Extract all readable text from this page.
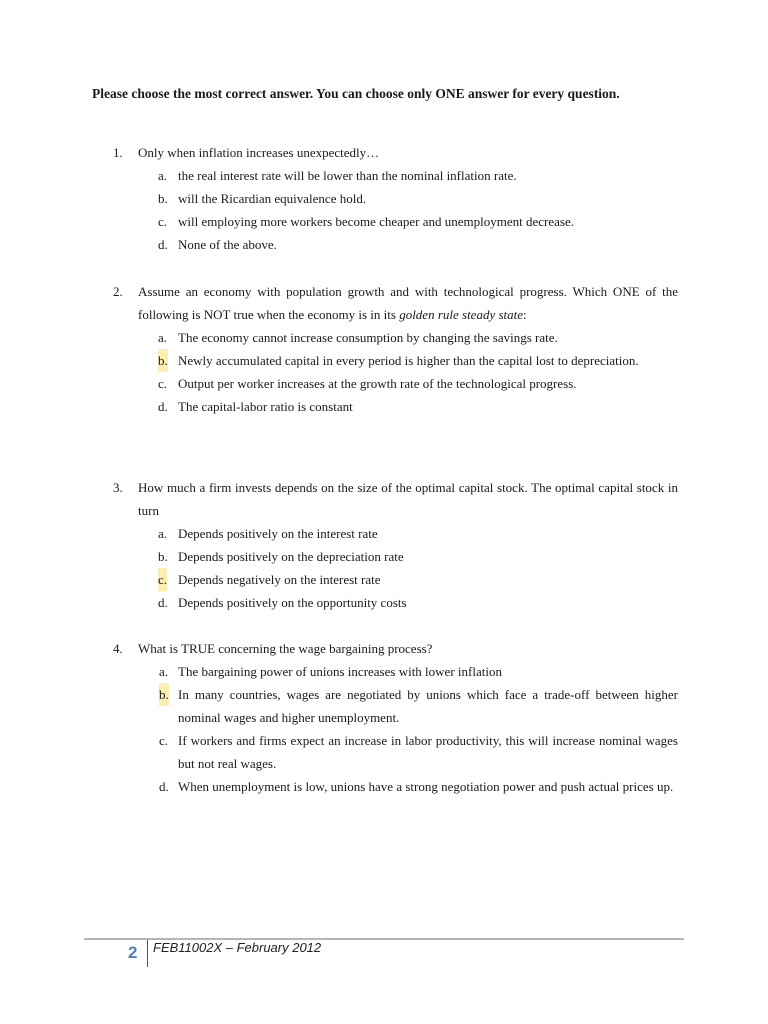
Please choose the most correct answer. You can choose only ONE answer for every question.
1. Only when inflation increases unexpectedly…
a. the real interest rate will be lower than the nominal inflation rate.
b. will the Ricardian equivalence hold.
c. will employing more workers become cheaper and unemployment decrease.
d. None of the above.
2. Assume an economy with population growth and with technological progress. Which ONE of the following is NOT true when the economy is in its golden rule steady state:
a. The economy cannot increase consumption by changing the savings rate.
b. Newly accumulated capital in every period is higher than the capital lost to depreciation.
c. Output per worker increases at the growth rate of the technological progress.
d. The capital-labor ratio is constant
3. How much a firm invests depends on the size of the optimal capital stock. The optimal capital stock in turn
a. Depends positively on the interest rate
b. Depends positively on the depreciation rate
c. Depends negatively on the interest rate
d. Depends positively on the opportunity costs
4. What is TRUE concerning the wage bargaining process?
a. The bargaining power of unions increases with lower inflation
b. In many countries, wages are negotiated by unions which face a trade-off between higher nominal wages and higher unemployment.
c. If workers and firms expect an increase in labor productivity, this will increase nominal wages but not real wages.
d. When unemployment is low, unions have a strong negotiation power and push actual prices up.
2 FEB11002X – February 2012
